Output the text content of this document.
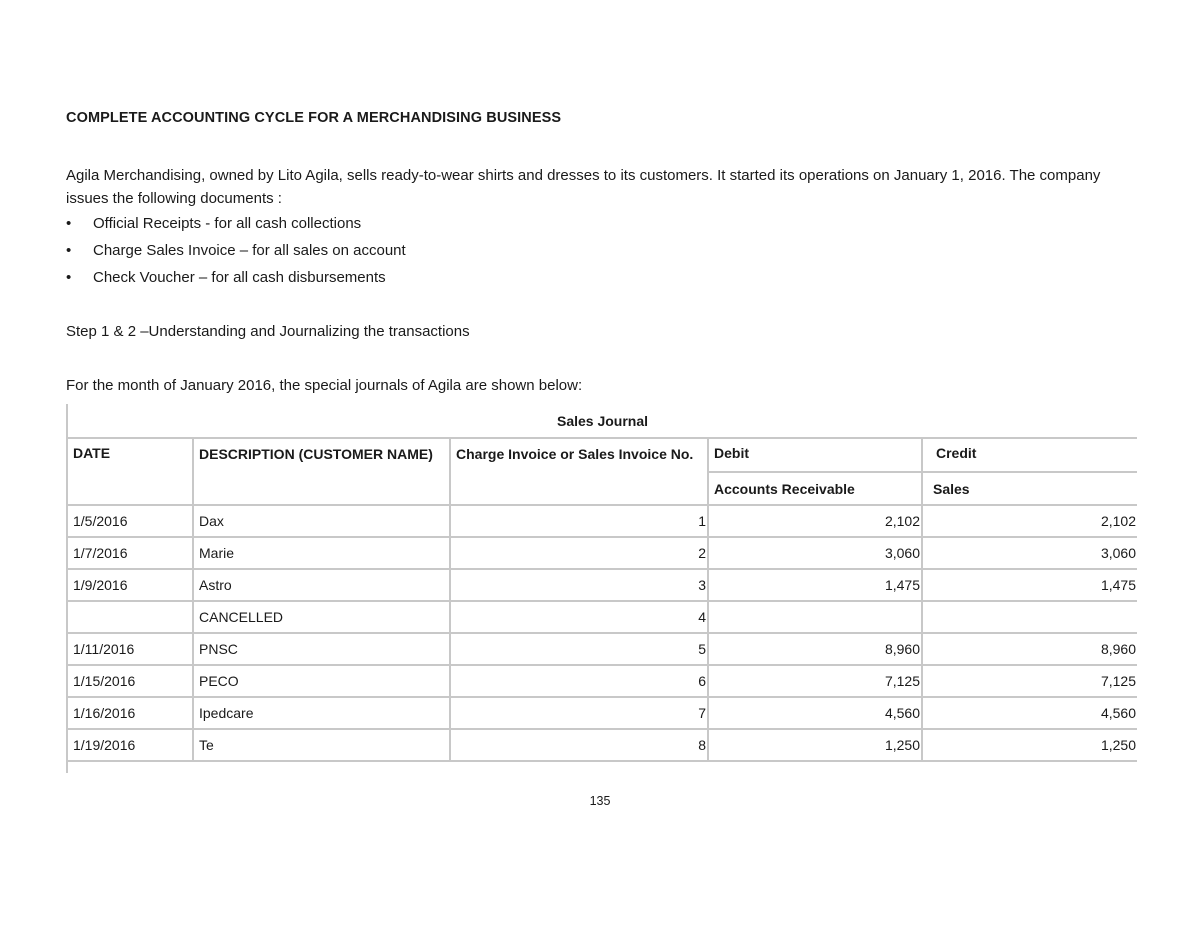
COMPLETE ACCOUNTING CYCLE FOR A MERCHANDISING BUSINESS

Agila Merchandising, owned by Lito Agila, sells ready-to-wear shirts and dresses to its customers. It started its operations on January 1, 2016. The company issues the following documents :

•	Official Receipts - for all cash collections
•	Charge Sales Invoice – for all sales on account
•	Check Voucher – for all cash disbursements

Step 1 & 2 –Understanding and Journalizing the transactions

For the month of January 2016, the special journals of Agila are shown below:

Sales Journal				
DATE	DESCRIPTION (CUSTOMER NAME)	Charge Invoice or Sales Invoice No.	Debit	Credit
			Accounts Receivable	Sales
1/5/2016	Dax	1	2,102	2,102
1/7/2016	Marie	2	3,060	3,060
1/9/2016	Astro	3	1,475	1,475
	CANCELLED	4		
1/11/2016	PNSC	5	8,960	8,960
1/15/2016	PECO	6	7,125	7,125
1/16/2016	Ipedcare	7	4,560	4,560
1/19/2016	Te	8	1,250	1,250

135
